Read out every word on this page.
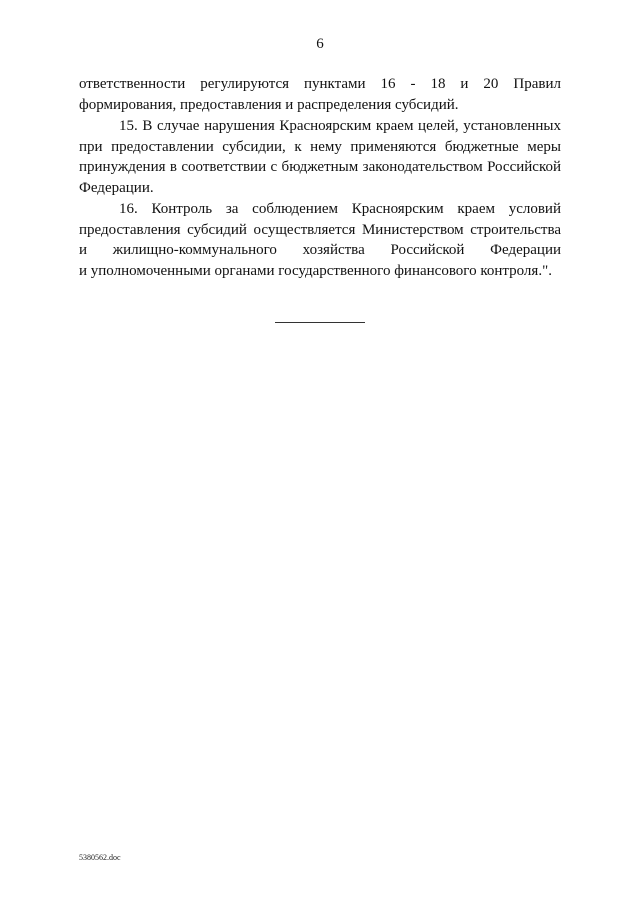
6
ответственности регулируются пунктами 16 - 18 и 20 Правил
формирования, предоставления и распределения субсидий.
15. В случае нарушения Красноярским краем целей, установленных
при предоставлении субсидии, к нему применяются бюджетные меры
принуждения в соответствии с бюджетным законодательством Российской
Федерации.
16. Контроль за соблюдением Красноярским краем условий
предоставления субсидий осуществляется Министерством строительства
и жилищно-коммунального хозяйства Российской Федерации
и уполномоченными органами государственного финансового контроля.".
5380562.doc
